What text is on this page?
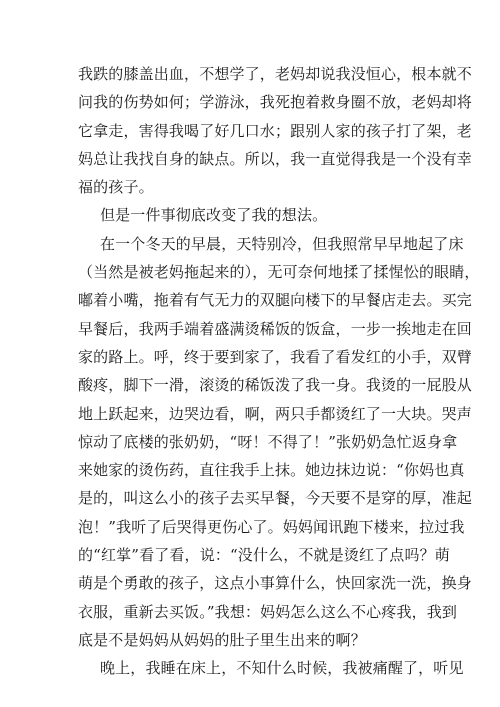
我跌的膝盖出血，不想学了，老妈却说我没恒心，根本就不
问我的伤势如何；学游泳，我死抱着救身圈不放，老妈却将
它拿走，害得我喝了好几口水；跟别人家的孩子打了架，老
妈总让我找自身的缺点。所以，我一直觉得我是一个没有幸
福的孩子。
但是一件事彻底改变了我的想法。
在一个冬天的早晨，天特别冷，但我照常早早地起了床
（当然是被老妈拖起来的），无可奈何地揉了揉惺忪的眼睛，
嘟着小嘴，拖着有气无力的双腿向楼下的早餐店走去。买完
早餐后，我两手端着盛满烫稀饭的饭盒，一步一挨地走在回
家的路上。呼，终于要到家了，我看了看发红的小手，双臂
酸疼，脚下一滑，滚烫的稀饭泼了我一身。我烫的一屁股从
地上跃起来，边哭边看，啊，两只手都烫红了一大块。哭声
惊动了底楼的张奶奶，“呀！不得了！”张奶奶急忙返身拿
来她家的烫伤药，直往我手上抹。她边抹边说：“你妈也真
是的，叫这么小的孩子去买早餐，今天要不是穿的厚，准起
泡！”我听了后哭得更伤心了。妈妈闻讯跑下楼来，拉过我
的“红掌”看了看，说：“没什么，不就是烫红了点吗？萌
萌是个勇敢的孩子，这点小事算什么，快回家洗一洗，换身
衣服，重新去买饭。”我想：妈妈怎么这么不心疼我，我到
底是不是妈妈从妈妈的肚子里生出来的啊？
晚上，我睡在床上，不知什么时候，我被痛醒了，听见
